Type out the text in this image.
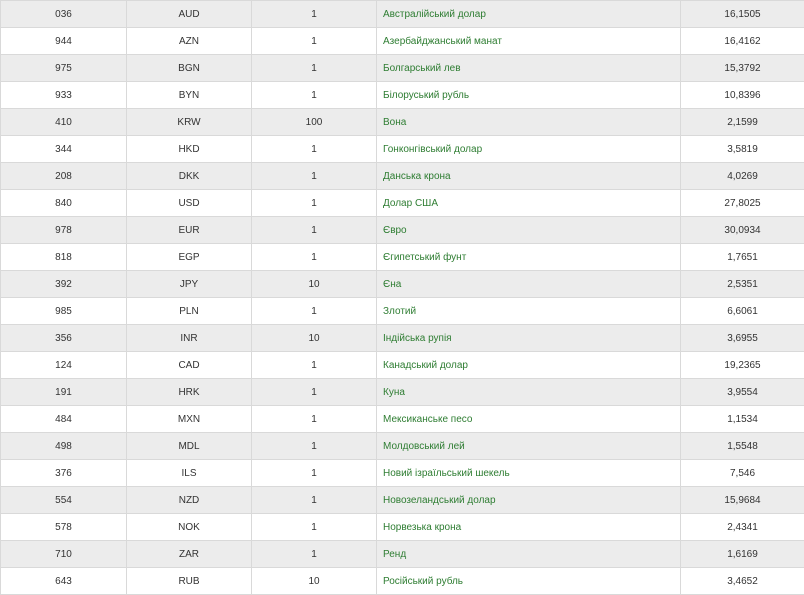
036	AUD	1	Австралійський долар	16,1505
944	AZN	1	Азербайджанський манат	16,4162
975	BGN	1	Болгарський лев	15,3792
933	BYN	1	Білоруський рубль	10,8396
410	KRW	100	Вона	2,1599
344	HKD	1	Гонконгівський долар	3,5819
208	DKK	1	Данська крона	4,0269
840	USD	1	Долар США	27,8025
978	EUR	1	Євро	30,0934
818	EGP	1	Єгипетський фунт	1,7651
392	JPY	10	Єна	2,5351
985	PLN	1	Злотий	6,6061
356	INR	10	Індійська рупія	3,6955
124	CAD	1	Канадський долар	19,2365
191	HRK	1	Куна	3,9554
484	MXN	1	Мексиканське песо	1,1534
498	MDL	1	Молдовський лей	1,5548
376	ILS	1	Новий ізраїльський шекель	7,546
554	NZD	1	Новозеландський долар	15,9684
578	NOK	1	Норвезька крона	2,4341
710	ZAR	1	Ренд	1,6169
643	RUB	10	Російський рубль	3,4652
